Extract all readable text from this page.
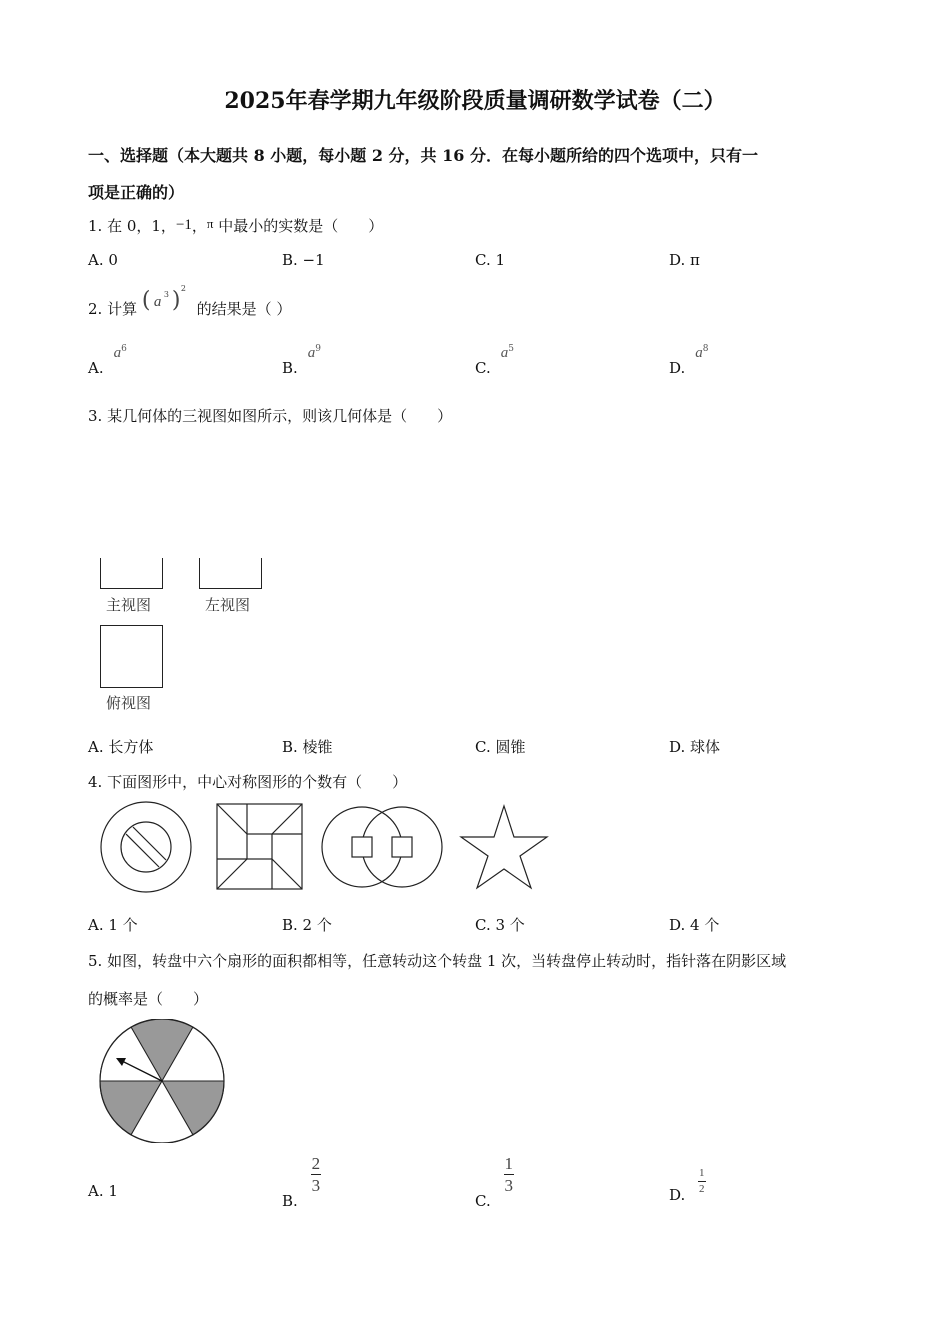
2025年春学期九年级阶段质量调研数学试卷（二）
一、选择题（本大题共 8 小题，每小题 2 分，共 16 分．在每小题所给的四个选项中，只有一
项是正确的）
1. 在 0，1，−1，π 中最小的实数是（　　）
A. 0	B. −1	C. 1	D. π
2. 计算 ( a 3 ) 2
的结果是（ ）
$A.a^6$
$B.a^9$
$C.a^5$
$D.a^8$
3. 某几何体的三视图如图所示，则该几何体是（　　）
主视图	左视图
俯视图
A. 长方体	B. 棱锥	C. 圆锥	D. 球体
4. 下面图形中，中心对称图形的个数有（　　）
A. 1 个	B. 2 个	C. 3 个	D. 4 个
5. 如图，转盘中六个扇形的面积都相等，任意转动这个转盘 1 次，当转盘停止转动时，指针落在阴影区域
的概率是（　　）
A. 1
B.
$\frac{2}{3}$
C.
$\frac{1}{3}$
D. $\frac{1}{2}$
